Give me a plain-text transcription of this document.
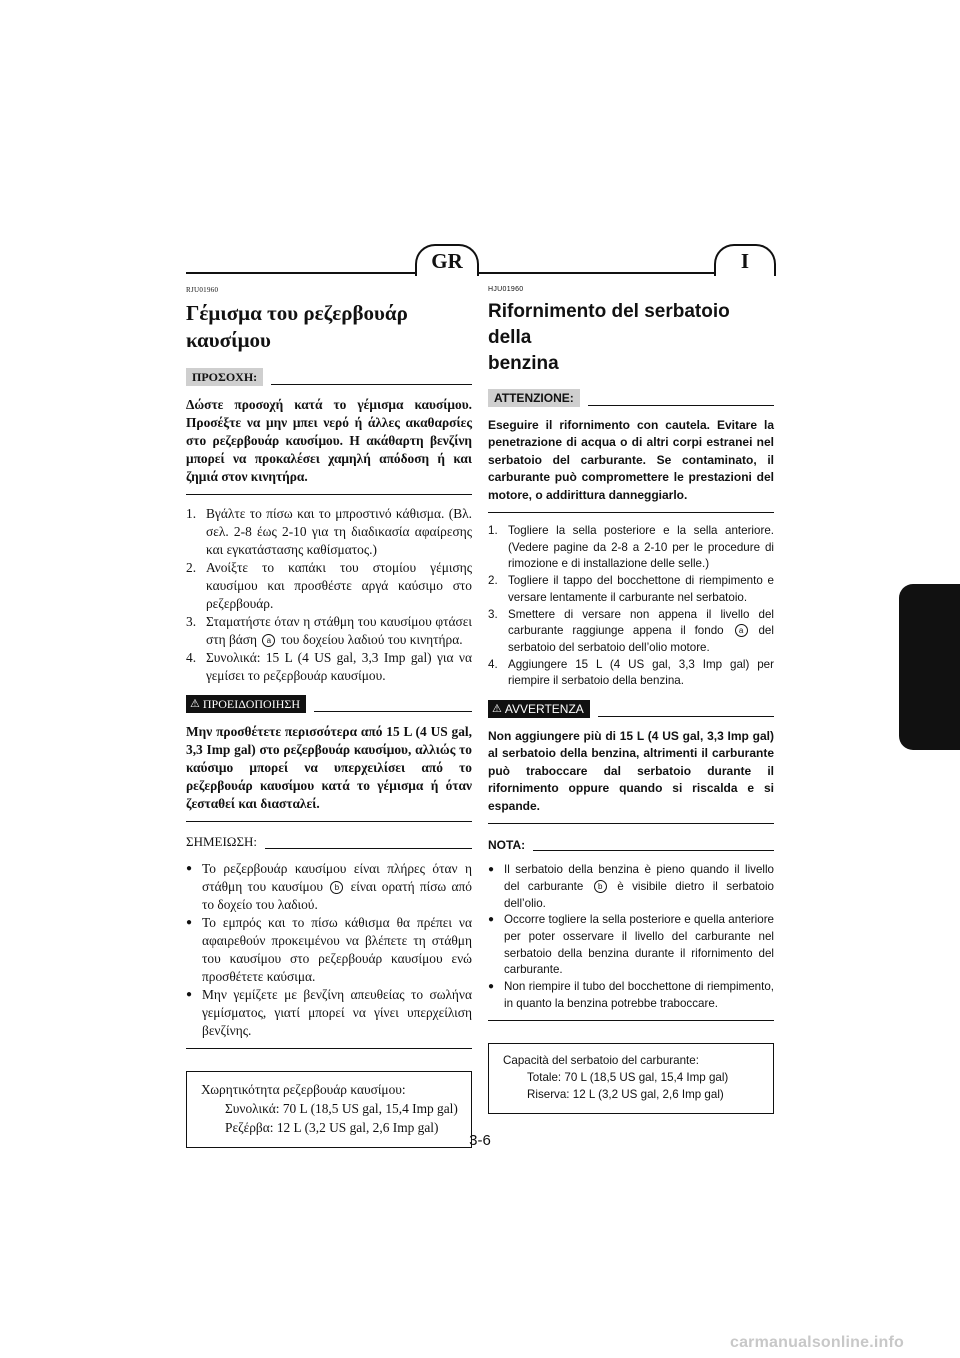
GR	I
RJU01960
Γέμισμα του ρεζερβουάρ
καυσίμου
ΠΡΟΣΟΧΗ:

Δώστε προσοχή κατά το γέμισμα καυσίμου. Προσέξτε να μην μπει νερό ή άλλες ακαθαρσίες στο ρεζερβουάρ καυσίμου. Η ακάθαρτη βενζίνη μπορεί να προκαλέσει χαμηλή απόδοση ή και ζημιά στον κινητήρα.

1. Βγάλτε το πίσω και το μπροστινό κάθισμα. (Βλ. σελ. 2-8 έως 2-10 για τη διαδικασία αφαίρεσης και εγκατάστασης καθίσματος.)
2. Ανοίξτε το καπάκι του στομίου γέμισης καυσίμου και προσθέστε αργά καύσιμο στο ρεζερβουάρ.
3. Σταματήστε όταν η στάθμη του καυσίμου φτάσει στη βάση a του δοχείου λαδιού του κινητήρα.
4. Συνολικά: 15 L (4 US gal, 3,3 Imp gal) για να γεμίσει το ρεζερβουάρ καυσίμου.
⚠ ΠΡΟΕΙΔΟΠΟΙΗΣΗ

Μην προσθέτετε περισσότερα από 15 L (4 US gal, 3,3 Imp gal) στο ρεζερβουάρ καυσίμου, αλλιώς το καύσιμο μπορεί να υπερχειλίσει από το ρεζερβουάρ καυσίμου κατά το γέμισμα ή όταν ζεσταθεί και διασταλεί.

ΣΗΜΕΙΩΣΗ:
● Το ρεζερβουάρ καυσίμου είναι πλήρες όταν η στάθμη του καυσίμου b είναι ορατή πίσω από το δοχείο του λαδιού.
● Το εμπρός και το πίσω κάθισμα θα πρέπει να αφαιρεθούν προκειμένου να βλέπετε τη στάθμη του καυσίμου στο ρεζερβουάρ καυσίμου ενώ προσθέτετε καύσιμα.
● Μην γεμίζετε με βενζίνη απευθείας το σωλήνα γεμίσματος, γιατί μπορεί να γίνει υπερχείλιση βενζίνης.
Χωρητικότητα ρεζερβουάρ καυσίμου:
Συνολικά: 70 L (18,5 US gal, 15,4 Imp gal)
Ρεζέρβα: 12 L (3,2 US gal, 2,6 Imp gal)
HJU01960
Rifornimento del serbatoio della
benzina
ATTENZIONE:

Eseguire il rifornimento con cautela. Evitare la penetrazione di acqua o di altri corpi estranei nel serbatoio del carburante. Se contaminato, il carburante può compromettere le prestazioni del motore, o addirittura danneggiarlo.

1. Togliere la sella posteriore e la sella anteriore. (Vedere pagine da 2-8 a 2-10 per le procedure di rimozione e di installazione delle selle.)
2. Togliere il tappo del bocchettone di riempimento e versare lentamente il carburante nel serbatoio.
3. Smettere di versare non appena il livello del carburante raggiunge appena il fondo a del serbatoio del serbatoio dell’olio motore.
4. Aggiungere 15 L (4 US gal, 3,3 Imp gal) per riempire il serbatoio della benzina.
⚠ AVVERTENZA

Non aggiungere più di 15 L (4 US gal, 3,3 Imp gal) al serbatoio della benzina, altrimenti il carburante può traboccare dal serbatoio durante il rifornimento oppure quando si riscalda e si espande.

NOTA:
● Il serbatoio della benzina è pieno quando il livello del carburante b è visibile dietro il serbatoio dell’olio.
● Occorre togliere la sella posteriore e quella anteriore per poter osservare il livello del carburante nel serbatoio della benzina durante il rifornimento del carburante.
● Non riempire il tubo del bocchettone di riempimento, in quanto la benzina potrebbe traboccare.
Capacità del serbatoio del carburante:
Totale: 70 L (18,5 US gal, 15,4 Imp gal)
Riserva: 12 L (3,2 US gal, 2,6 Imp gal)
3-6
carmanualsonline.info
